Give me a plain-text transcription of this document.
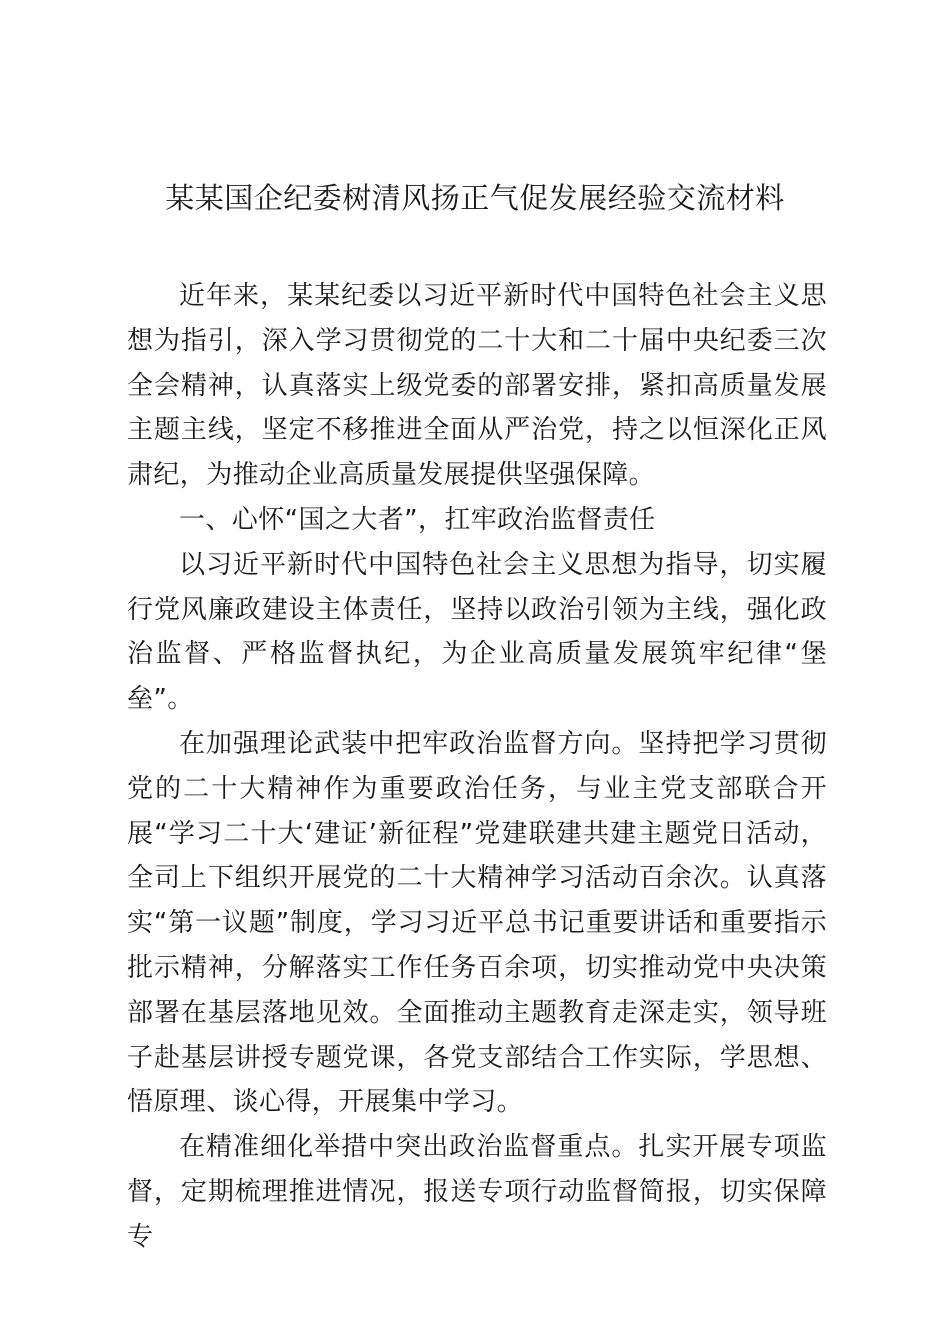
某某国企纪委树清风扬正气促发展经验交流材料

近年来，某某纪委以习近平新时代中国特色社会主义思想为指引，深入学习贯彻党的二十大和二十届中央纪委三次全会精神，认真落实上级党委的部署安排，紧扣高质量发展主题主线，坚定不移推进全面从严治党，持之以恒深化正风肃纪，为推动企业高质量发展提供坚强保障。

一、心怀“国之大者”，扛牢政治监督责任

以习近平新时代中国特色社会主义思想为指导，切实履行党风廉政建设主体责任，坚持以政治引领为主线，强化政治监督、严格监督执纪，为企业高质量发展筑牢纪律“堡垒”。

在加强理论武装中把牢政治监督方向。坚持把学习贯彻党的二十大精神作为重要政治任务，与业主党支部联合开展“学习二十大‘建证’新征程”党建联建共建主题党日活动，全司上下组织开展党的二十大精神学习活动百余次。认真落实“第一议题”制度，学习习近平总书记重要讲话和重要指示批示精神，分解落实工作任务百余项，切实推动党中央决策部署在基层落地见效。全面推动主题教育走深走实，领导班子赴基层讲授专题党课，各党支部结合工作实际，学思想、悟原理、谈心得，开展集中学习。

在精准细化举措中突出政治监督重点。扎实开展专项监督，定期梳理推进情况，报送专项行动监督简报，切实保障专
